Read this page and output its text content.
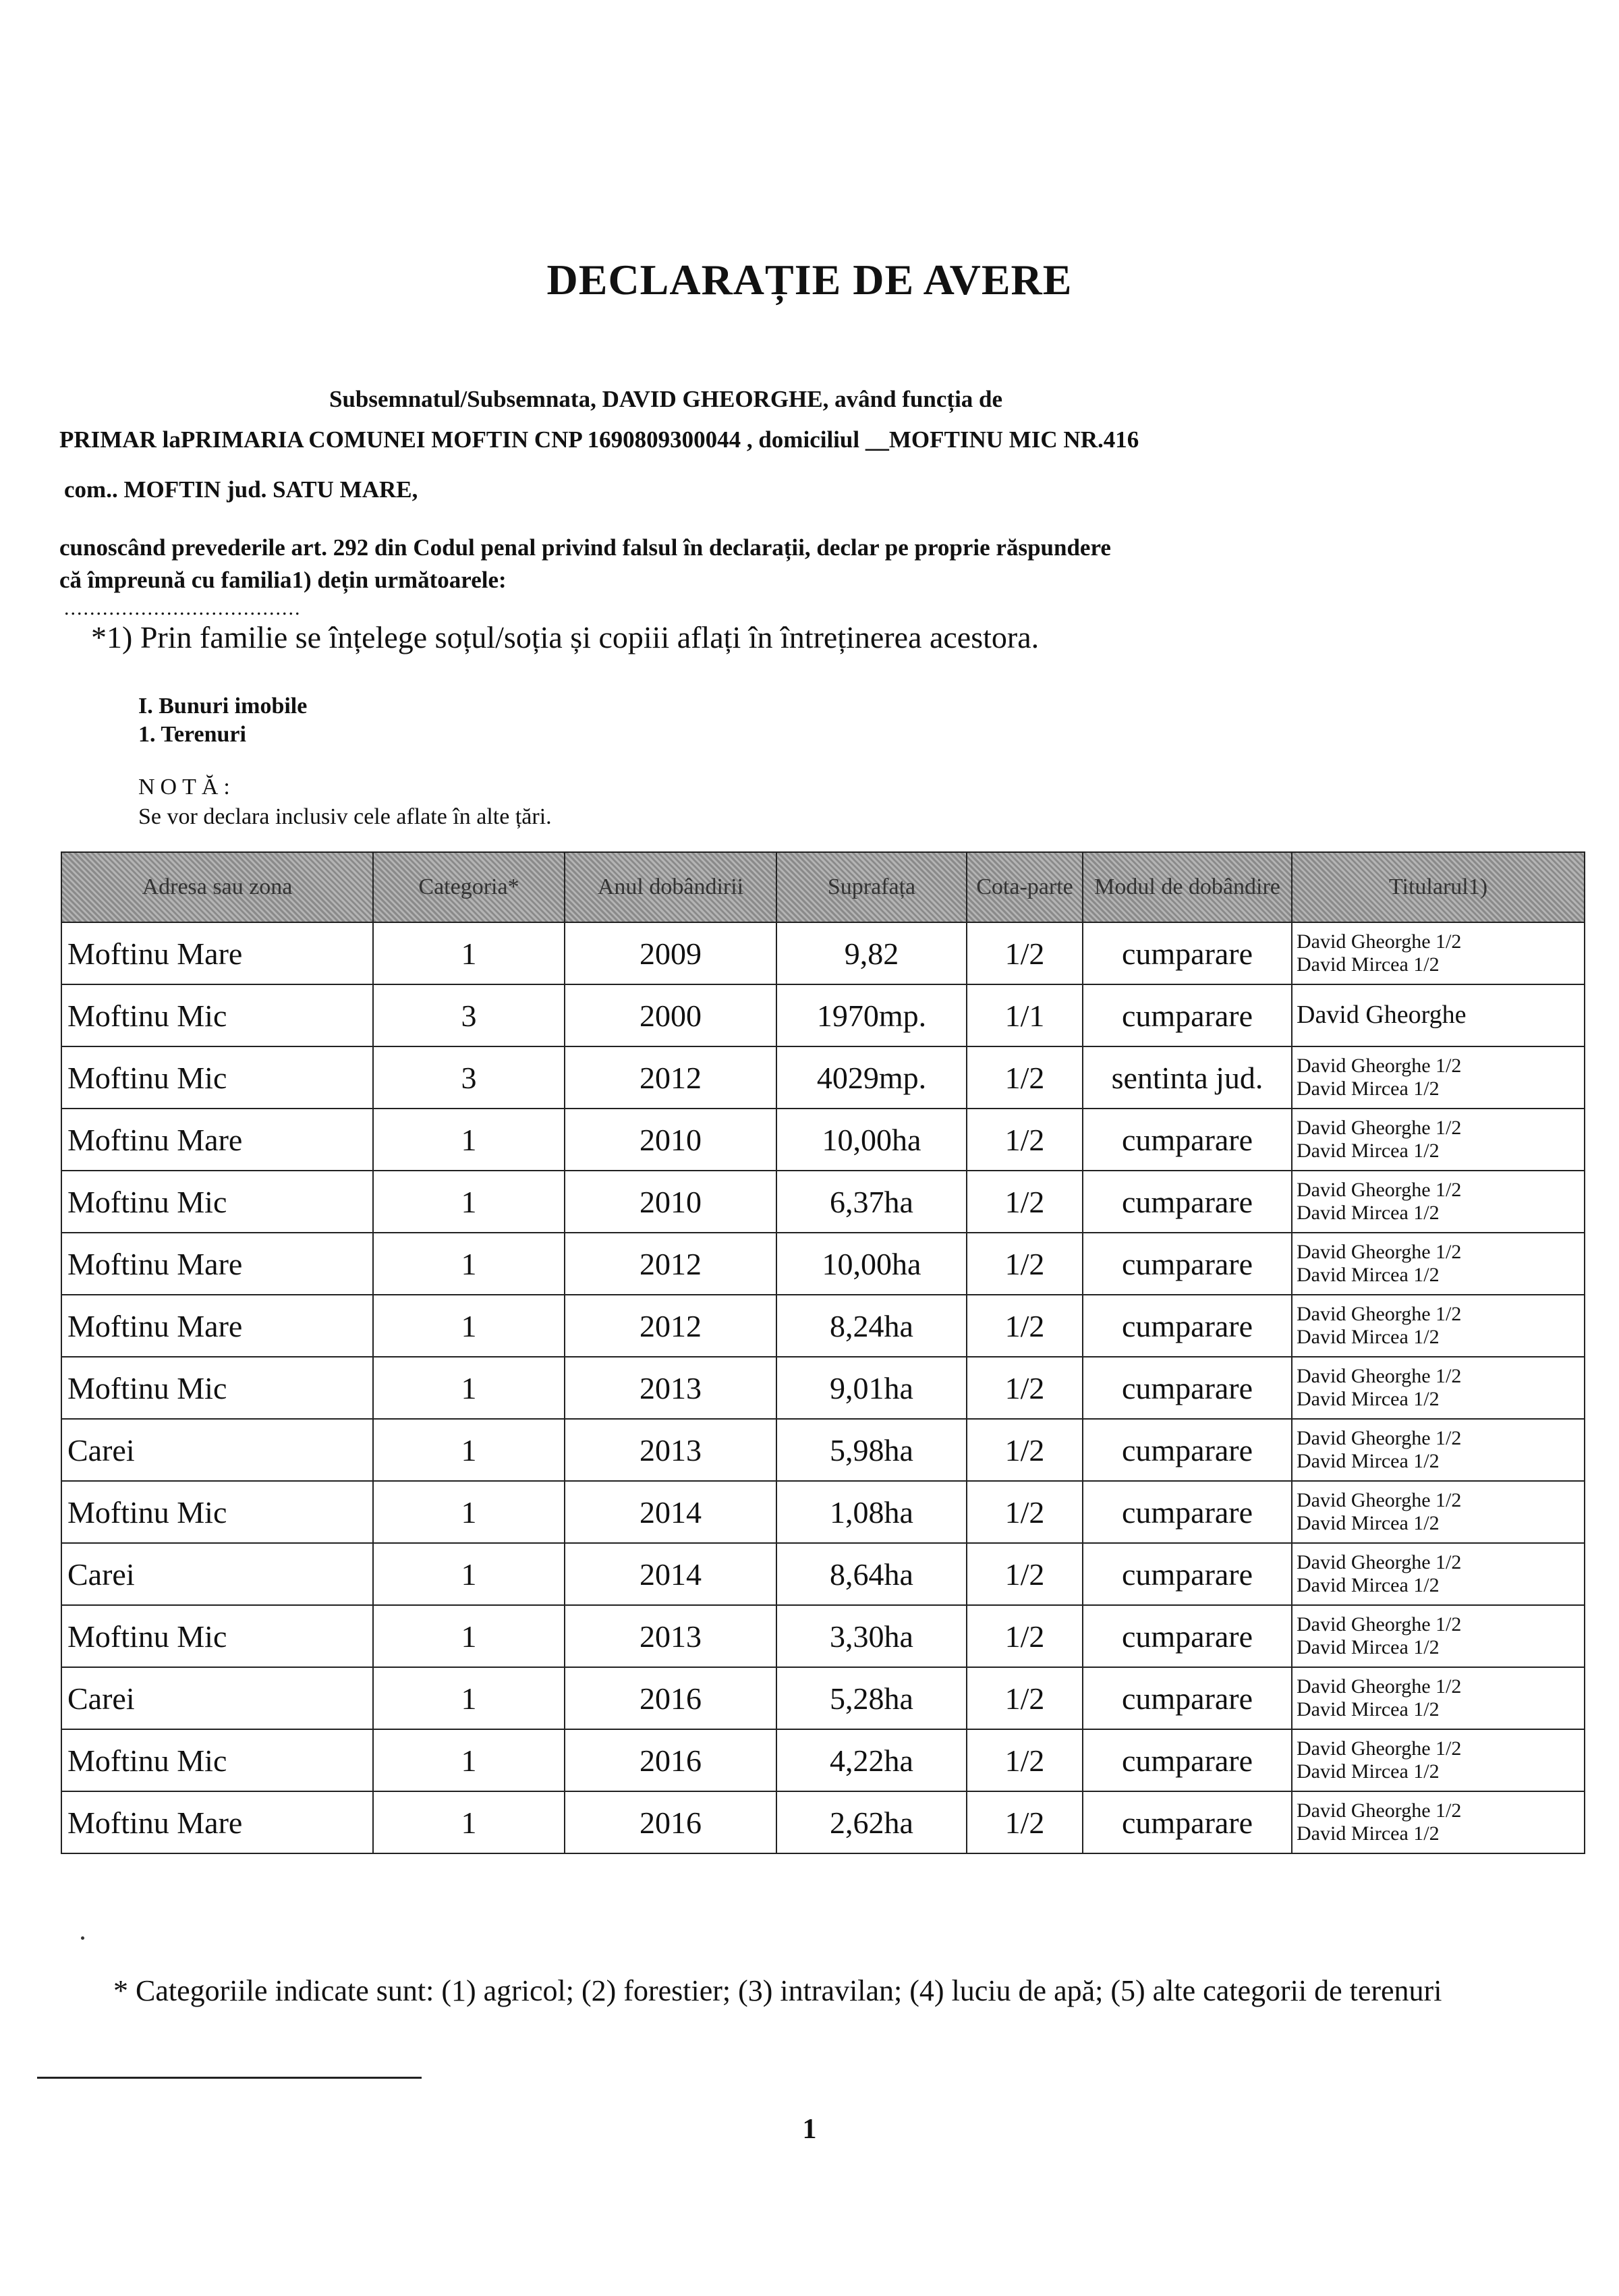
DECLARAȚIE DE AVERE
Subsemnatul/Subsemnata, DAVID GHEORGHE, având funcția de
PRIMAR laPRIMARIA COMUNEI MOFTIN CNP 1690809300044 , domiciliul __MOFTINU MIC NR.416
com.. MOFTIN jud. SATU MARE,
cunoscând prevederile art. 292 din Codul penal privind falsul în declarații, declar pe proprie răspundere
că împreună cu familia1) dețin următoarele:
.....................................
*1) Prin familie se înțelege soțul/soția și copiii aflați în întreținerea acestora.
I. Bunuri imobile
1. Terenuri
NOTĂ:
Se vor declara inclusiv cele aflate în alte țări.
Adresa sau zona	Categoria*	Anul dobândirii	Suprafața	Cota-parte	Modul de dobândire	Titularul1)
Moftinu Mare	1	2009	9,82	1/2	cumparare	David Gheorghe 1/2
David Mircea 1/2

Moftinu Mic	3	2000	1970mp.	1/1	cumparare	David Gheorghe

Moftinu Mic	3	2012	4029mp.	1/2	sentinta jud.	David Gheorghe 1/2
David Mircea 1/2

Moftinu Mare	1	2010	10,00ha	1/2	cumparare	David Gheorghe 1/2
David Mircea 1/2

Moftinu Mic	1	2010	6,37ha	1/2	cumparare	David Gheorghe 1/2
David Mircea 1/2

Moftinu Mare	1	2012	10,00ha	1/2	cumparare	David Gheorghe 1/2
David Mircea 1/2

Moftinu Mare	1	2012	8,24ha	1/2	cumparare	David Gheorghe 1/2
David Mircea 1/2

Moftinu Mic	1	2013	9,01ha	1/2	cumparare	David Gheorghe 1/2
David Mircea 1/2

Carei	1	2013	5,98ha	1/2	cumparare	David Gheorghe 1/2
David Mircea 1/2

Moftinu Mic	1	2014	1,08ha	1/2	cumparare	David Gheorghe 1/2
David Mircea 1/2

Carei	1	2014	8,64ha	1/2	cumparare	David Gheorghe 1/2
David Mircea 1/2

Moftinu Mic	1	2013	3,30ha	1/2	cumparare	David Gheorghe 1/2
David Mircea 1/2

Carei	1	2016	5,28ha	1/2	cumparare	David Gheorghe 1/2
David Mircea 1/2

Moftinu Mic	1	2016	4,22ha	1/2	cumparare	David Gheorghe 1/2
David Mircea 1/2

Moftinu Mare	1	2016	2,62ha	1/2	cumparare	David Gheorghe 1/2
David Mircea 1/2
* Categoriile indicate sunt: (1) agricol; (2) forestier; (3) intravilan; (4) luciu de apă; (5) alte categorii de terenuri
1
